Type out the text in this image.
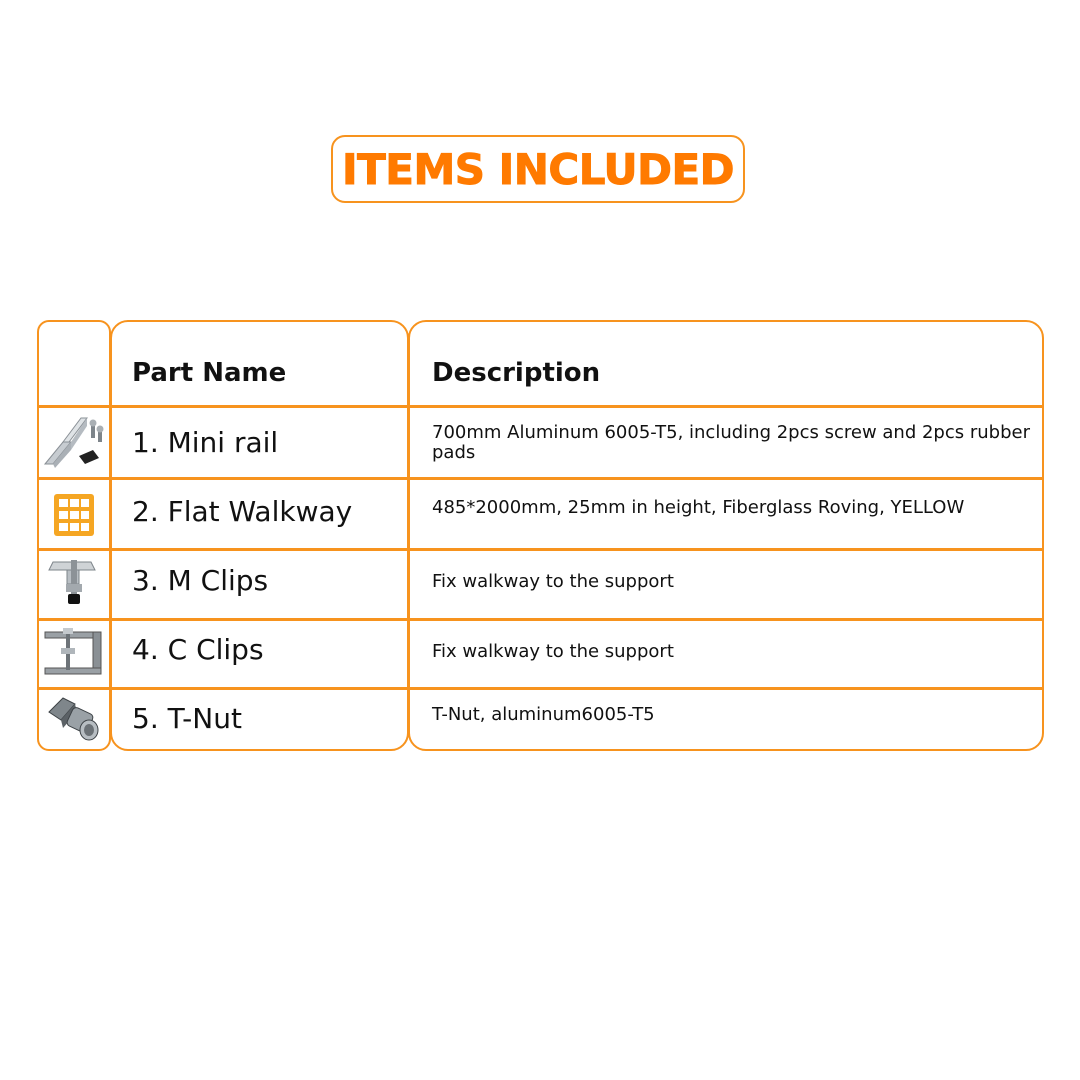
ITEMS INCLUDED
Part Name	Description
1. Mini rail	700mm Aluminum 6005-T5, including 2pcs screw and 2pcs rubber pads
2. Flat Walkway	485*2000mm, 25mm in height, Fiberglass Roving, YELLOW
3. M Clips	Fix walkway to the support
4. C Clips	Fix walkway to the support
5. T-Nut	T-Nut, aluminum6005-T5
